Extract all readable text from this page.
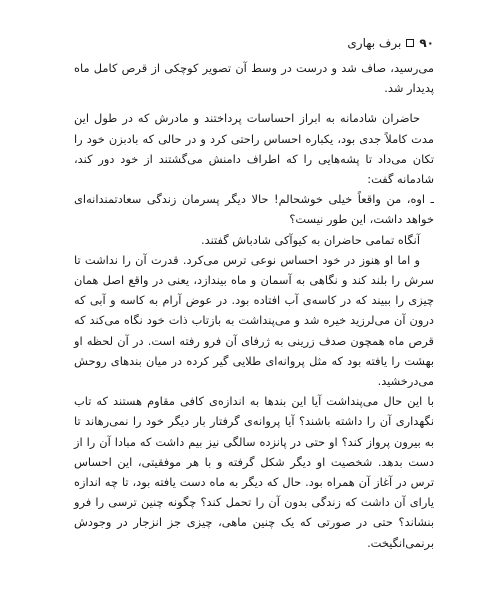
۹۰
برف بهاری

می‌رسید، صاف شد و درست در وسط آن تصویر کوچکی از قرص کامل ماه پدیدار شد.

حاضران شادمانه به ابراز احساسات پرداختند و مادرش که در طول این مدت کاملاً جدی بود، یکباره احساس راحتی کرد و در حالی که بادبزن خود را تکان می‌داد تا پشه‌هایی را که اطراف دامنش می‌گشتند از خود دور کند، شادمانه گفت:

ـ اوه، من واقعاً خیلی خوشحالم! حالا دیگر پسرمان زندگی سعادتمندانه‌ای خواهد داشت، این طور نیست؟

آنگاه تمامی حاضران به کیوآکی شادباش گفتند.

و اما او هنوز در خود احساس نوعی ترس می‌کرد. قدرت آن را نداشت تا سرش را بلند کند و نگاهی به آسمان و ماه بیندازد، یعنی در واقع اصل همان چیزی را ببیند که در کاسه‌ی آب افتاده بود. در عوض آرام به کاسه و آبی که درون آن می‌لرزید خیره شد و می‌پنداشت به بازتاب ذات خود نگاه می‌کند که قرص ماه همچون صدف زرینی به ژرفای آن فرو رفته است. در آن لحظه او بهشت را یافته بود که مثل پروانه‌ای طلایی گیر کرده در میان بندهای روحش می‌درخشید.

با این حال می‌پنداشت آیا این بندها به اندازه‌ی کافی مقاوم هستند که تاب نگهداری آن را داشته باشند؟ آیا پروانه‌ی گرفتار بار دیگر خود را نمی‌رهاند تا به بیرون پرواز کند؟ او حتی در پانزده سالگی نیز بیم داشت که مبادا آن را از دست بدهد. شخصیت او دیگر شکل گرفته و با هر موفقیتی، این احساس ترس در آغاز آن همراه بود. حال که دیگر به ماه دست یافته بود، تا چه اندازه یارای آن داشت که زندگی بدون آن را تحمل کند؟ چگونه چنین ترسی را فرو بنشاند؟ حتی در صورتی که یک چنین ماهی، چیزی جز انزجار در وجودش برنمی‌انگیخت.
